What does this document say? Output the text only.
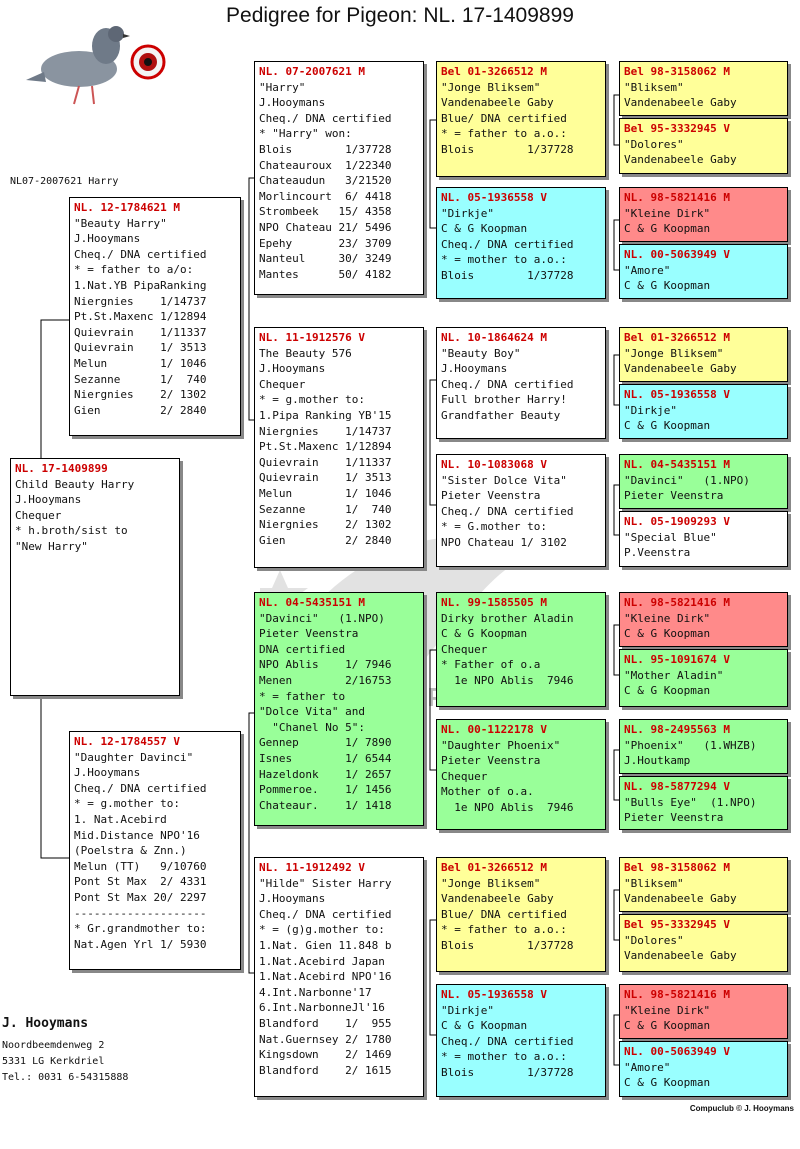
Pedigree for Pigeon: NL. 17-1409899
NL07-2007621 Harry
NL. 17-1409899
Child Beauty Harry
J.Hooymans
Chequer
* h.broth/sist to
"New Harry"
NL. 12-1784621 M
"Beauty Harry"
J.Hooymans
Cheq./ DNA certified
* = father to a/o:
1.Nat.YB PipaRanking
Niergnies    1/14737
Pt.St.Maxenc 1/12894
Quievrain    1/11337
Quievrain    1/ 3513
Melun        1/ 1046
Sezanne      1/  740
Niergnies    2/ 1302
Gien         2/ 2840
NL. 12-1784557 V
"Daughter Davinci"
J.Hooymans
Cheq./ DNA certified
* = g.mother to:
1. Nat.Acebird
Mid.Distance NPO'16
(Poelstra & Znn.)
Melun (TT)   9/10760
Pont St Max  2/ 4331
Pont St Max 20/ 2297
--------------------
* Gr.grandmother to:
Nat.Agen Yrl 1/ 5930
NL. 07-2007621 M
"Harry"
J.Hooymans
Cheq./ DNA certified
* "Harry" won:
Blois        1/37728
Chateauroux  1/22340
Chateaudun   3/21520
Morlincourt  6/ 4418
Strombeek   15/ 4358
NPO Chateau 21/ 5496
Epehy       23/ 3709
Nanteul     30/ 3249
Mantes      50/ 4182
NL. 11-1912576 V
The Beauty 576
J.Hooymans
Chequer
* = g.mother to:
1.Pipa Ranking YB'15
Niergnies    1/14737
Pt.St.Maxenc 1/12894
Quievrain    1/11337
Quievrain    1/ 3513
Melun        1/ 1046
Sezanne      1/  740
Niergnies    2/ 1302
Gien         2/ 2840
NL. 04-5435151 M
"Davinci"   (1.NPO)
Pieter Veenstra
DNA certified
NPO Ablis    1/ 7946
Menen        2/16753
* = father to
"Dolce Vita" and
"Chanel No 5":
Gennep       1/ 7890
Isnes        1/ 6544
Hazeldonk    1/ 2657
Pommeroe.    1/ 1456
Chateaur.    1/ 1418
NL. 11-1912492 V
"Hilde" Sister Harry
J.Hooymans
Cheq./ DNA certified
* = (g)g.mother to:
1.Nat. Gien 11.848 b
1.Nat.Acebird Japan
1.Nat.Acebird NPO'16
4.Int.Narbonne'17
6.Int.NarbonneJl'16
Blandford    1/  955
Nat.Guernsey 2/ 1780
Kingsdown    2/ 1469
Blandford    2/ 1615
Bel 01-3266512 M
"Jonge Bliksem"
Vandenabeele Gaby
Blue/ DNA certified
* = father to a.o.:
Blois        1/37728
NL. 05-1936558 V
"Dirkje"
C & G Koopman
Cheq./ DNA certified
* = mother to a.o.:
Blois        1/37728
NL. 10-1864624 M
"Beauty Boy"
J.Hooymans
Cheq./ DNA certified
Full brother Harry!
Grandfather Beauty
NL. 10-1083068 V
"Sister Dolce Vita"
Pieter Veenstra
Cheq./ DNA certified
* = G.mother to:
NPO Chateau 1/ 3102
NL. 99-1585505 M
Dirky brother Aladin
C & G Koopman
Chequer
* Father of o.a
1e NPO Ablis  7946
NL. 00-1122178 V
"Daughter Phoenix"
Pieter Veenstra
Chequer
Mother of o.a.
1e NPO Ablis  7946
Bel 01-3266512 M
"Jonge Bliksem"
Vandenabeele Gaby
Blue/ DNA certified
* = father to a.o.:
Blois        1/37728
NL. 05-1936558 V
"Dirkje"
C & G Koopman
Cheq./ DNA certified
* = mother to a.o.:
Blois        1/37728
Bel 98-3158062 M
"Bliksem"
Vandenabeele Gaby
Bel 95-3332945 V
"Dolores"
Vandenabeele Gaby
NL. 98-5821416 M
"Kleine Dirk"
C & G Koopman
NL. 00-5063949 V
"Amore"
C & G Koopman
Bel 01-3266512 M
"Jonge Bliksem"
Vandenabeele Gaby
NL. 05-1936558 V
"Dirkje"
C & G Koopman
NL. 04-5435151 M
"Davinci"   (1.NPO)
Pieter Veenstra
NL. 05-1909293 V
"Special Blue"
P.Veenstra
NL. 98-5821416 M
"Kleine Dirk"
C & G Koopman
NL. 95-1091674 V
"Mother Aladin"
C & G Koopman
NL. 98-2495563 M
"Phoenix"   (1.WHZB)
J.Houtkamp
NL. 98-5877294 V
"Bulls Eye"  (1.NPO)
Pieter Veenstra
Bel 98-3158062 M
"Bliksem"
Vandenabeele Gaby
Bel 95-3332945 V
"Dolores"
Vandenabeele Gaby
NL. 98-5821416 M
"Kleine Dirk"
C & G Koopman
NL. 00-5063949 V
"Amore"
C & G Koopman
J. Hooymans
Noordbeemdenweg 2
5331 LG Kerkdriel
Tel.: 0031 6-54315888
Compuclub © J. Hooymans
